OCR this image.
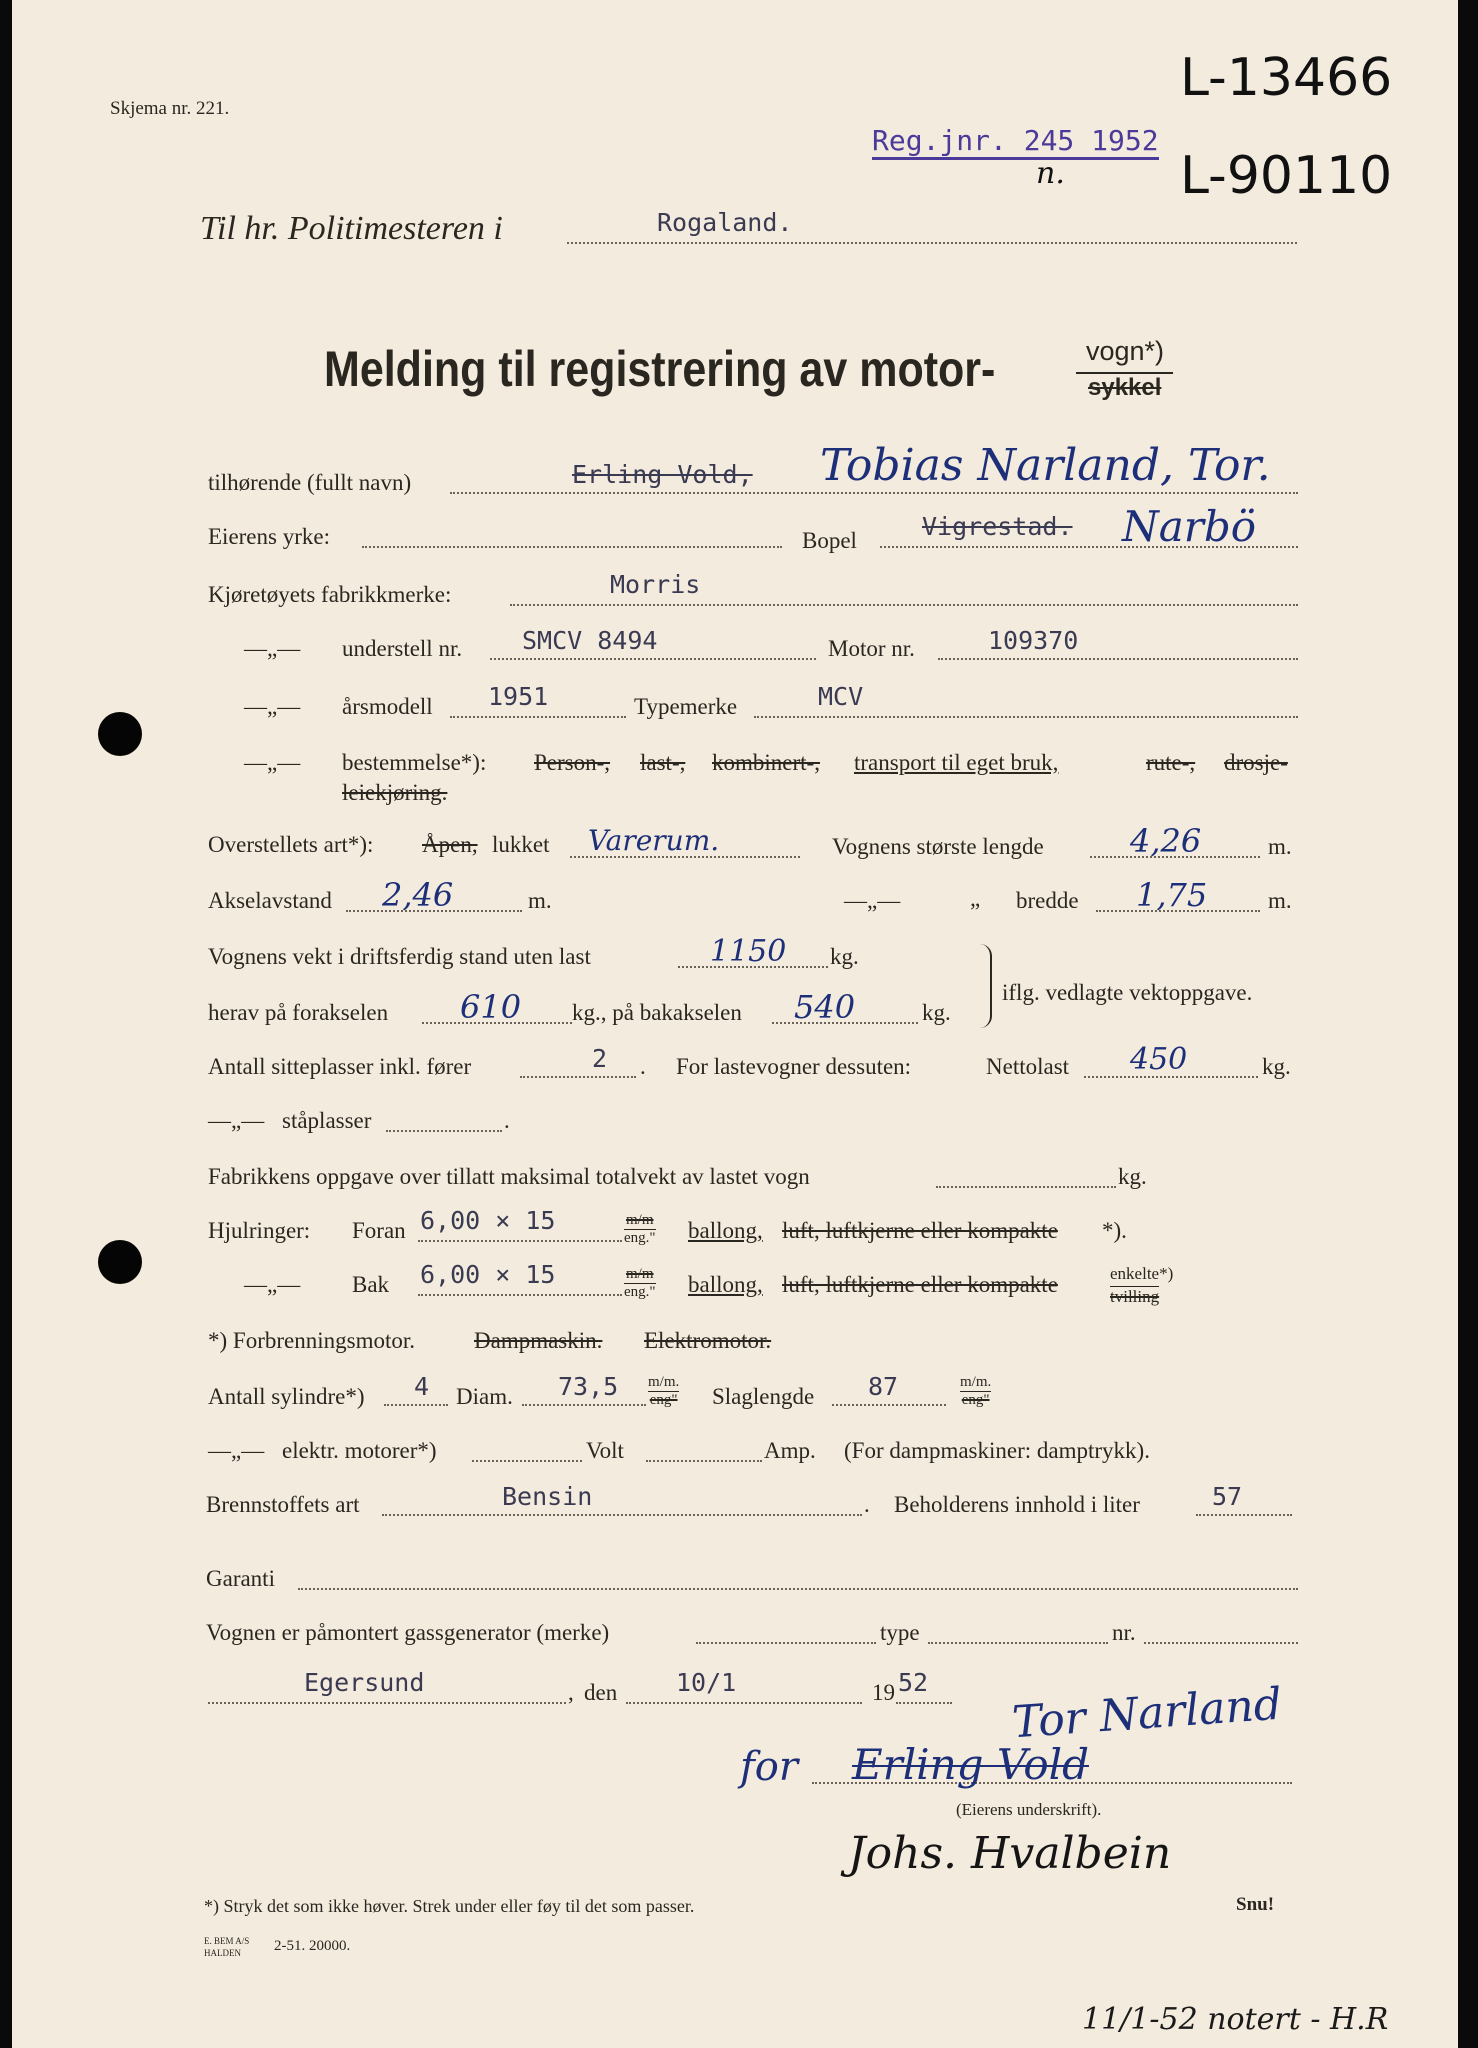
Skjema nr. 221.
Reg.jnr. 245 1952
n.
L-13466
L-90110
Til hr. Politimesteren i	Rogaland.
Melding til registrering av motor-	vogn*)
sykkel
tilhørende (fullt navn)	Erling Vold, Tobias Narland, Tor.
Eierens yrke:	Bopel	Vigrestad. Narbö
Kjøretøyets fabrikkmerke:	Morris
—„— understell nr. SMCV 8494	Motor nr.	109370
—„— årsmodell 1951	Typemerke	MCV
—„— bestemmelse*): Person-, last-, kombinert-, transport til eget bruk,	rute-, drosje-
leiekjøring.
Overstellets art*): Åpen, lukket Varerum.	Vognens største lengde	4,26	m.
Akselavstand 2,46	m.	—„—	„ bredde 1,75	m.
Vognens vekt i driftsferdig stand uten last	1150 kg.
herav på forakselen 610 kg., på bakakselen 540	kg.
iflg. vedlagte vektoppgave.
Antall sitteplasser inkl. fører	2 . For lastevogner dessuten:	Nettolast 450	kg.
—„— ståplasser	.
Fabrikkens oppgave over tillatt maksimal totalvekt av lastet vogn	kg.
Hjulringer: Foran 6,00 × 15	m/m
eng." ballong, luft, luftkjerne eller kompakte *).
—„— Bak 6,00 × 15	m/m
eng." ballong, luft, luftkjerne eller kompakte	enkelte*)
tvilling
*) Forbrenningsmotor.	Dampmaskin. Elektromotor.
Antall sylindre*) 4 Diam. 73,5 m/m.
eng" Slaglengde 87	m/m.
eng"
—„— elektr. motorer*)	Volt	Amp. (For dampmaskiner: damptrykk).
Brennstoffets art	Bensin	. Beholderens innhold i liter	57
Garanti
Vognen er påmontert gassgenerator (merke)	type	nr.
Egersund	, den 10/1	19 52 Tor Narland
for Erling Vold
(Eierens underskrift).
Johs. Hvalbein
*) Stryk det som ikke høver. Strek under eller føy til det som passer.	Snu!
E. BEM A/S
HALDEN 2-51. 20000.
11/1-52 notert - H.R
